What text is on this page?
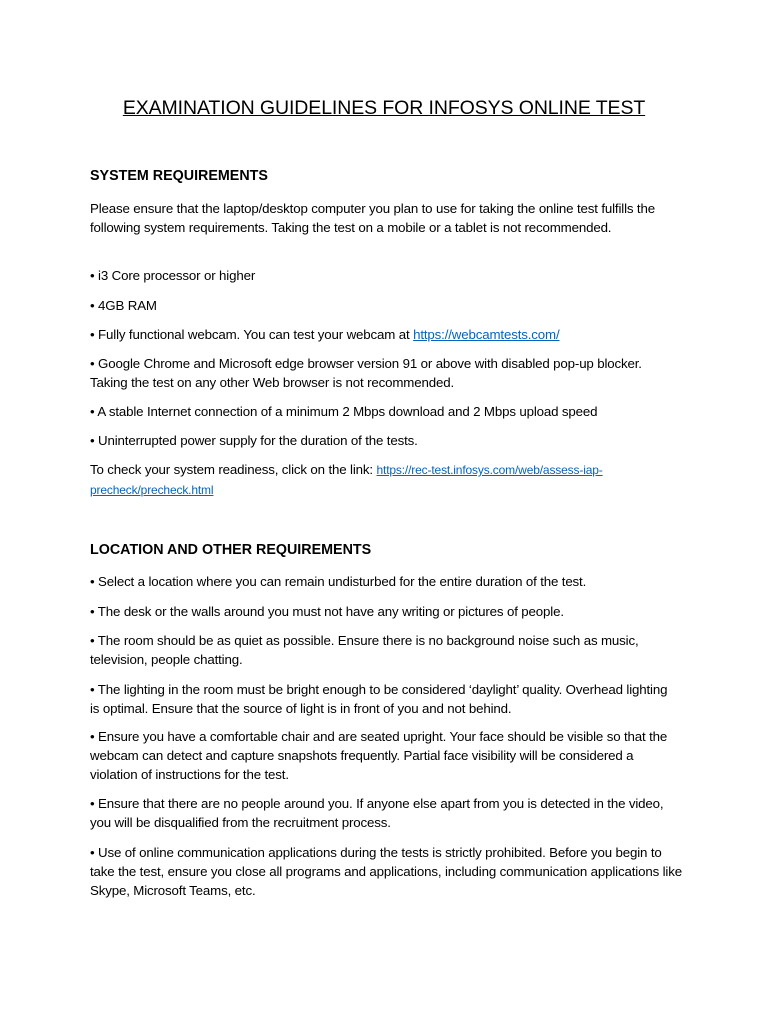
EXAMINATION GUIDELINES FOR INFOSYS ONLINE TEST
SYSTEM REQUIREMENTS

Please ensure that the laptop/desktop computer you plan to use for taking the online test fulfills the following system requirements. Taking the test on a mobile or a tablet is not recommended.

• i3 Core processor or higher

• 4GB RAM

• Fully functional webcam. You can test your webcam at https://webcamtests.com/

• Google Chrome and Microsoft edge browser version 91 or above with disabled pop-up blocker. Taking the test on any other Web browser is not recommended.

• A stable Internet connection of a minimum 2 Mbps download and 2 Mbps upload speed

• Uninterrupted power supply for the duration of the tests.

To check your system readiness, click on the link: https://rec-test.infosys.com/web/assess-iap-precheck/precheck.html

LOCATION AND OTHER REQUIREMENTS

• Select a location where you can remain undisturbed for the entire duration of the test.

• The desk or the walls around you must not have any writing or pictures of people.

• The room should be as quiet as possible. Ensure there is no background noise such as music, television, people chatting.

• The lighting in the room must be bright enough to be considered ‘daylight’ quality. Overhead lighting is optimal. Ensure that the source of light is in front of you and not behind.

• Ensure you have a comfortable chair and are seated upright. Your face should be visible so that the webcam can detect and capture snapshots frequently. Partial face visibility will be considered a violation of instructions for the test.

• Ensure that there are no people around you. If anyone else apart from you is detected in the video, you will be disqualified from the recruitment process.

• Use of online communication applications during the tests is strictly prohibited. Before you begin to take the test, ensure you close all programs and applications, including communication applications like Skype, Microsoft Teams, etc.
